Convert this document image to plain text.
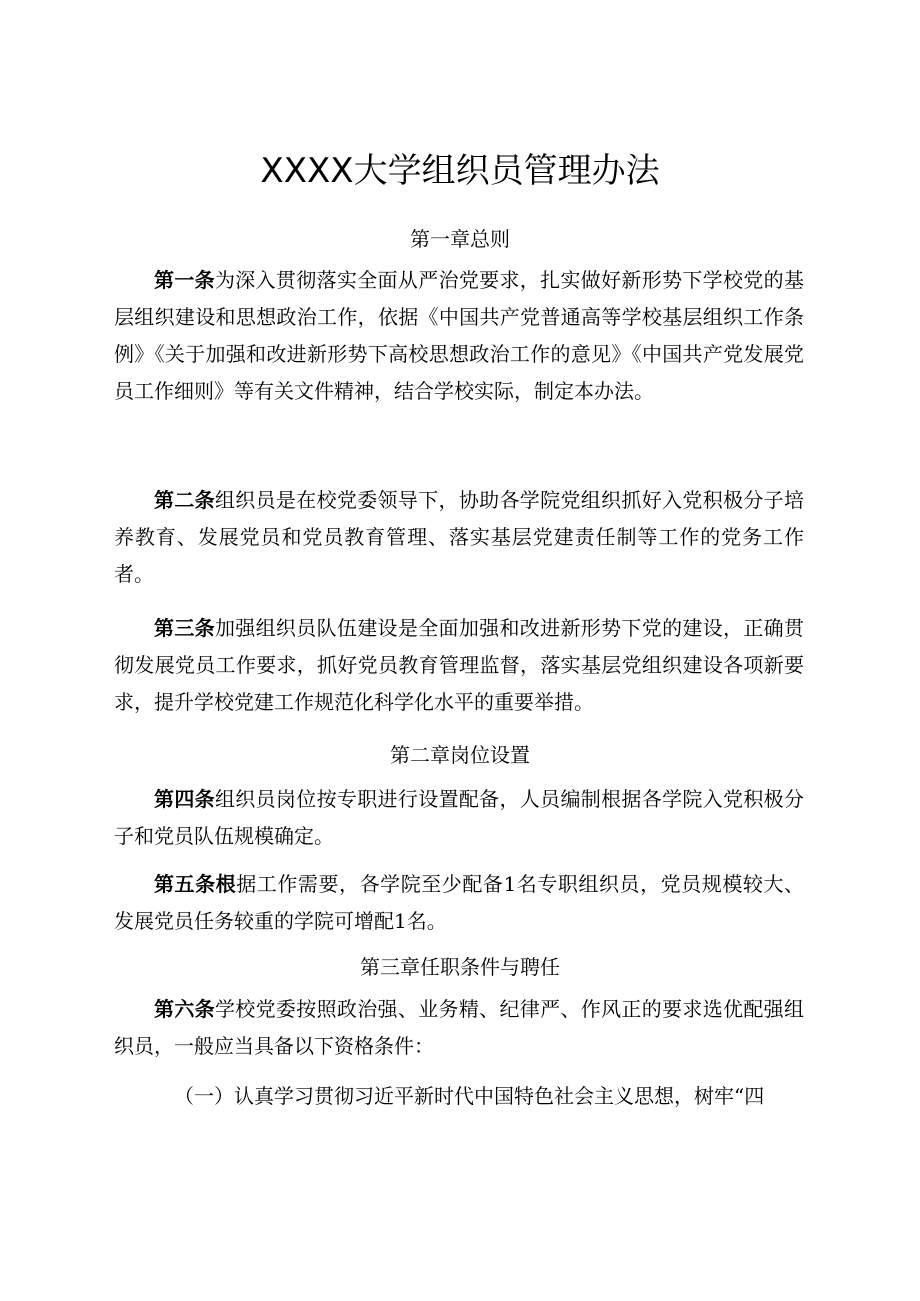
XXXX大学组织员管理办法
第一章总则

第一条为深入贯彻落实全面从严治党要求，扎实做好新形势下学校党的基层组织建设和思想政治工作，依据《中国共产党普通高等学校基层组织工作条例》《关于加强和改进新形势下高校思想政治工作的意见》《中国共产党发展党员工作细则》等有关文件精神，结合学校实际，制定本办法。

第二条组织员是在校党委领导下，协助各学院党组织抓好入党积极分子培养教育、发展党员和党员教育管理、落实基层党建责任制等工作的党务工作者。

第三条加强组织员队伍建设是全面加强和改进新形势下党的建设，正确贯彻发展党员工作要求，抓好党员教育管理监督，落实基层党组织建设各项新要求，提升学校党建工作规范化科学化水平的重要举措。

第二章岗位设置

第四条组织员岗位按专职进行设置配备，人员编制根据各学院入党积极分子和党员队伍规模确定。

第五条根据工作需要，各学院至少配备1名专职组织员，党员规模较大、发展党员任务较重的学院可增配1名。

第三章任职条件与聘任

第六条学校党委按照政治强、业务精、纪律严、作风正的要求选优配强组织员，一般应当具备以下资格条件：

（一）认真学习贯彻习近平新时代中国特色社会主义思想，树牢“四
